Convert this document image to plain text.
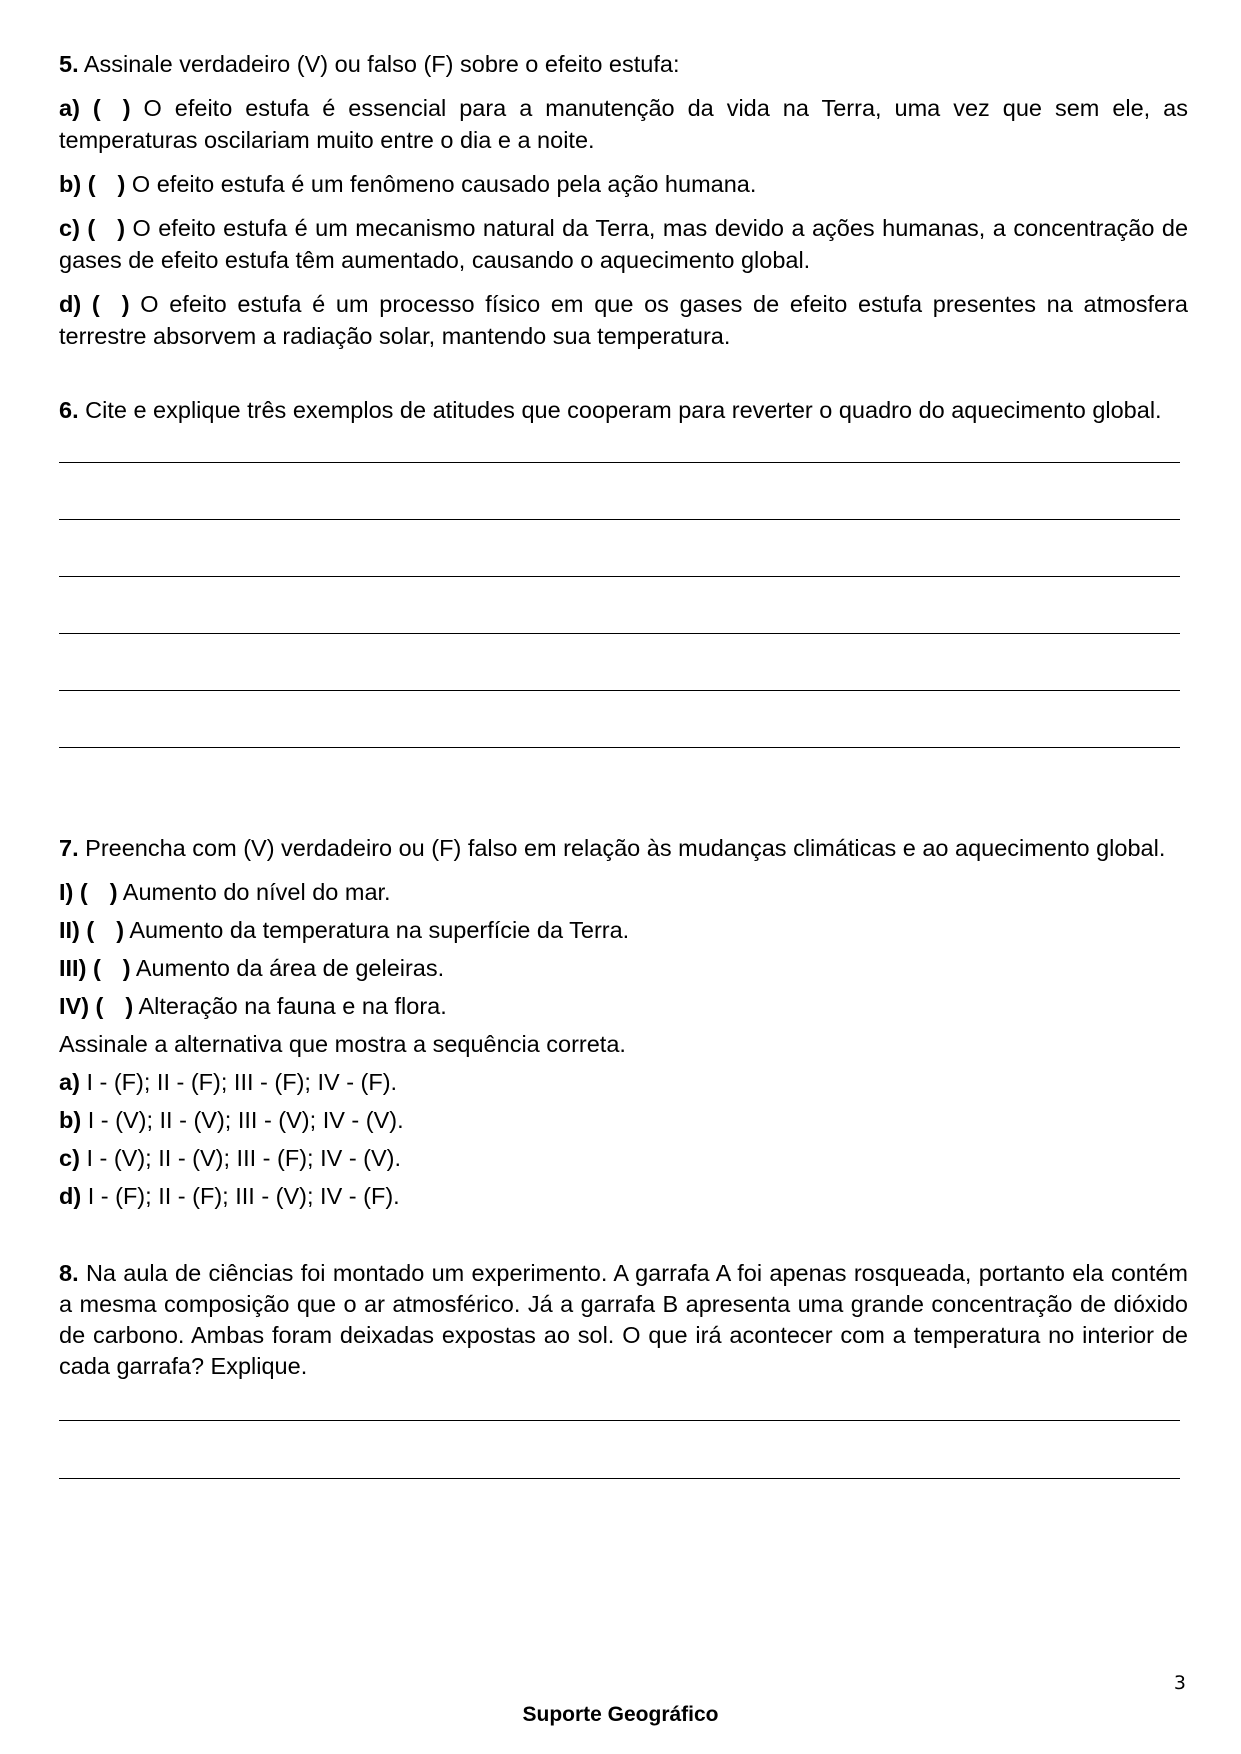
5. Assinale verdadeiro (V) ou falso (F) sobre o efeito estufa:

a) ( ) O efeito estufa é essencial para a manutenção da vida na Terra, uma vez que sem ele, as temperaturas oscilariam muito entre o dia e a noite.

b) ( ) O efeito estufa é um fenômeno causado pela ação humana.

c) ( ) O efeito estufa é um mecanismo natural da Terra, mas devido a ações humanas, a concentração de gases de efeito estufa têm aumentado, causando o aquecimento global.

d) ( ) O efeito estufa é um processo físico em que os gases de efeito estufa presentes na atmosfera terrestre absorvem a radiação solar, mantendo sua temperatura.

6. Cite e explique três exemplos de atitudes que cooperam para reverter o quadro do aquecimento global.

7. Preencha com (V) verdadeiro ou (F) falso em relação às mudanças climáticas e ao aquecimento global.

I) ( ) Aumento do nível do mar.

II) ( ) Aumento da temperatura na superfície da Terra.

III) ( ) Aumento da área de geleiras.

IV) ( ) Alteração na fauna e na flora.

Assinale a alternativa que mostra a sequência correta.

a) I - (F); II - (F); III - (F); IV - (F).

b) I - (V); II - (V); III - (V); IV - (V).

c) I - (V); II - (V); III - (F); IV - (V).

d) I - (F); II - (F); III - (V); IV - (F).

8. Na aula de ciências foi montado um experimento. A garrafa A foi apenas rosqueada, portanto ela contém a mesma composição que o ar atmosférico. Já a garrafa B apresenta uma grande concentração de dióxido de carbono. Ambas foram deixadas expostas ao sol. O que irá acontecer com a temperatura no interior de cada garrafa? Explique.

3
Suporte Geográfico
